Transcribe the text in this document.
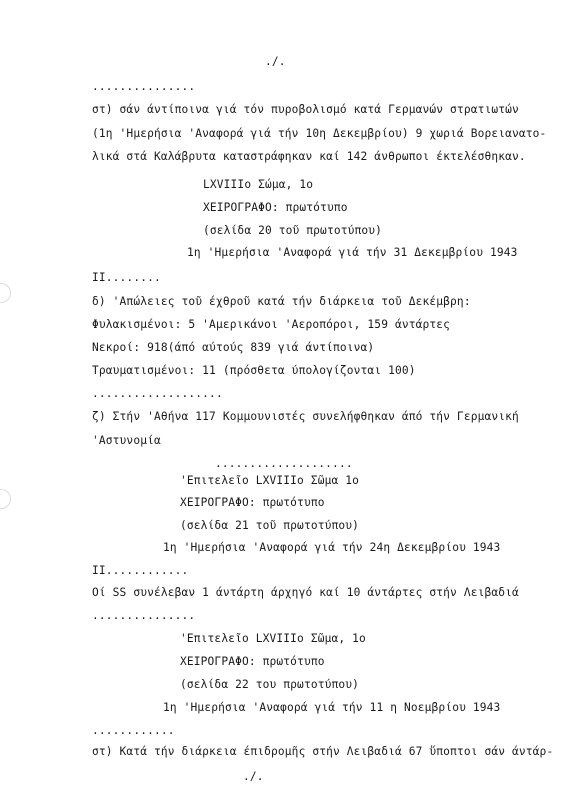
./.
...............
στ) σάν άντίποινα γιά τόν πυροβολισμό κατά Γερμανών στρατιωτών
(1η 'Ημερήσια 'Αναφορά γιά τήν 10η Δεκεμβρίου) 9 χωριά Βορειανατο-
λικά στά Καλάβρυτα καταστράφηκαν καί 142 άνθρωποι έκτελέσθηκαν.
LXVIIIo Σώμα, 1ο
ΧΕΙΡΟΓΡΑΦΟ: πρωτότυπο
(σελίδα 20 τοῦ πρωτοτύπου)
1η 'Ημερήσια 'Αναφορά γιά τήν 31 Δεκεμβρίου 1943
II........
δ) 'Απώλειες τοῦ έχθροῦ κατά τήν διάρκεια τοῦ Δεκέμβρη:
Φυλακισμένοι: 5 'Αμερικάνοι 'Αεροπόροι, 159 άντάρτες
Νεκροί: 918(άπό αύτούς 839 γιά άντίποινα)
Τραυματισμένοι: 11 (πρόσθετα ύπολογίζονται 100)
...................
ζ) Στήν 'Αθήνα 117 Κομμουνιστές συνελήφθηκαν άπό τήν Γερμανική
'Αστυνομία
....................
'Επιτελεῖο LXVIIIo Σῶμα 1ο
ΧΕΙΡΟΓΡΑΦΟ: πρωτότυπο
(σελίδα 21 τοῦ πρωτοτύπου)
1η 'Ημερήσια 'Αναφορά γιά τήν 24η Δεκεμβρίου 1943
II............
Οί SS συνέλεβαν 1 άντάρτη άρχηγό καί 10 άντάρτες στήν Λειβαδιά
...............
'Επιτελεῖο LXVIIIo Σῶμα, 1ο
ΧΕΙΡΟΓΡΑΦΟ: πρωτότυπο
(σελίδα 22 του πρωτοτύπου)
1η 'Ημερήσια 'Αναφορά γιά τήν 11 η Νοεμβρίου 1943
............
στ) Κατά τήν διάρκεια έπιδρομῆς στήν Λειβαδιά 67 ὕποπτοι σάν άντάρ-
./.
